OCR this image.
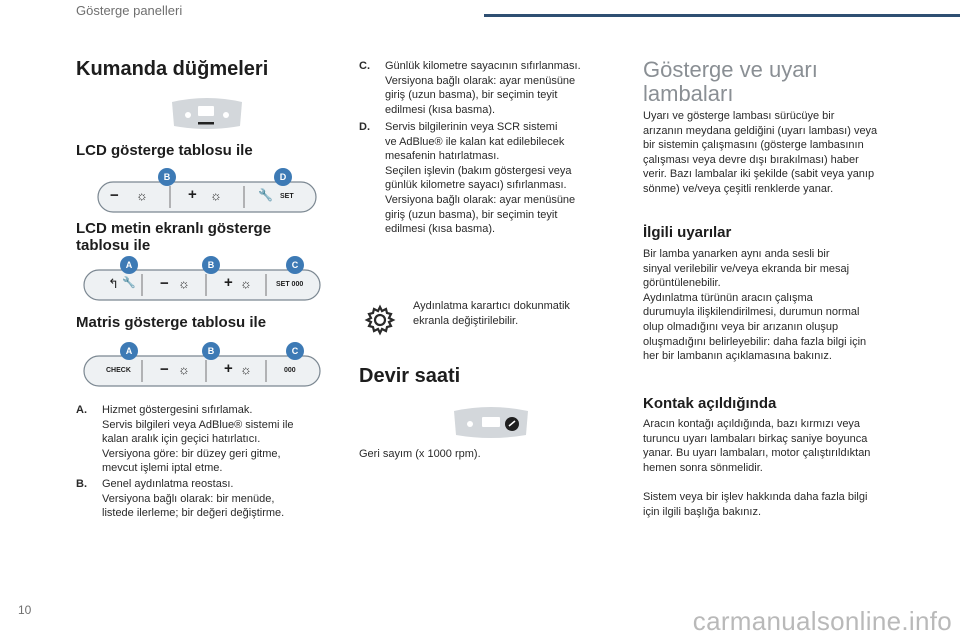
Gösterge panelleri
10	carmanualsonline.info
Kumanda düğmeleri
LCD gösterge tablosu ile
− ☼	+ ☼	🔧 SET
B	D
LCD metin ekranlı gösterge
tablosu ile
↰ 🔧 − ☼ + ☼	SET 000
A	B	C
Matris gösterge tablosu ile
CHECK − ☼ + ☼	000
A	B	C
A. Hizmet göstergesini sıfırlamak.
Servis bilgileri veya AdBlue® sistemi ile
kalan aralık için geçici hatırlatıcı.
Versiyona göre: bir düzey geri gitme,
mevcut işlemi iptal etme.
B. Genel aydınlatma reostası.
Versiyona bağlı olarak: bir menüde,
listede ilerleme; bir değeri değiştirme.
C. Günlük kilometre sayacının sıfırlanması.
Versiyona bağlı olarak: ayar menüsüne
giriş (uzun basma), bir seçimin teyit
edilmesi (kısa basma).
D. Servis bilgilerinin veya SCR sistemi
ve AdBlue® ile kalan kat edilebilecek
mesafenin hatırlatması.
Seçilen işlevin (bakım göstergesi veya
günlük kilometre sayacı) sıfırlanması.
Versiyona bağlı olarak: ayar menüsüne
giriş (uzun basma), bir seçimin teyit
edilmesi (kısa basma).
Aydınlatma karartıcı dokunmatik
ekranla değiştirilebilir.
Devir saati
Geri sayım (x 1000 rpm).
Gösterge ve uyarı
lambaları
Uyarı ve gösterge lambası sürücüye bir
arızanın meydana geldiğini (uyarı lambası) veya
bir sistemin çalışmasını (gösterge lambasının
çalışması veya devre dışı bırakılması) haber
verir. Bazı lambalar iki şekilde (sabit veya yanıp
sönme) ve/veya çeşitli renklerde yanar.
İlgili uyarılar
Bir lamba yanarken aynı anda sesli bir
sinyal verilebilir ve/veya ekranda bir mesaj
görüntülenebilir.
Aydınlatma türünün aracın çalışma
durumuyla ilişkilendirilmesi, durumun normal
olup olmadığını veya bir arızanın oluşup
oluşmadığını belirleyebilir: daha fazla bilgi için
her bir lambanın açıklamasına bakınız.
Kontak açıldığında
Aracın kontağı açıldığında, bazı kırmızı veya
turuncu uyarı lambaları birkaç saniye boyunca
yanar. Bu uyarı lambaları, motor çalıştırıldıktan
hemen sonra sönmelidir.
Sistem veya bir işlev hakkında daha fazla bilgi
için ilgili başlığa bakınız.
